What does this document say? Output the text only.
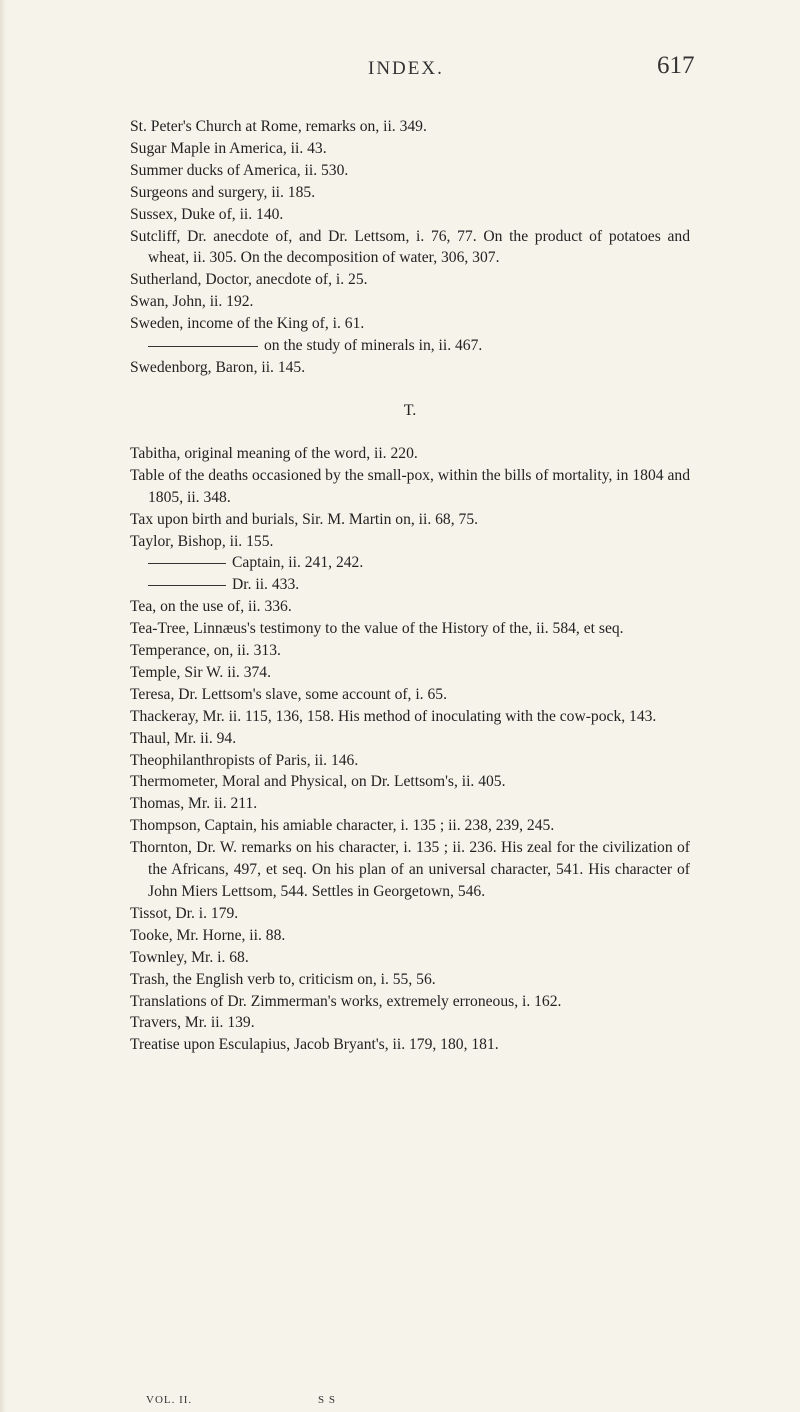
INDEX.	617
St. Peter's Church at Rome, remarks on, ii. 349.
Sugar Maple in America, ii. 43.
Summer ducks of America, ii. 530.
Surgeons and surgery, ii. 185.
Sussex, Duke of, ii. 140.
Sutcliff, Dr. anecdote of, and Dr. Lettsom, i. 76, 77. On the product of potatoes and wheat, ii. 305. On the decomposition of water, 306, 307.
Sutherland, Doctor, anecdote of, i. 25.
Swan, John, ii. 192.
Sweden, income of the King of, i. 61.
on the study of minerals in, ii. 467.
Swedenborg, Baron, ii. 145.
T.
Tabitha, original meaning of the word, ii. 220.
Table of the deaths occasioned by the small-pox, within the bills of mortality, in 1804 and 1805, ii. 348.
Tax upon birth and burials, Sir. M. Martin on, ii. 68, 75.
Taylor, Bishop, ii. 155.
Captain, ii. 241, 242.
Dr. ii. 433.
Tea, on the use of, ii. 336.
Tea-Tree, Linnæus's testimony to the value of the History of the, ii. 584, et seq.
Temperance, on, ii. 313.
Temple, Sir W. ii. 374.
Teresa, Dr. Lettsom's slave, some account of, i. 65.
Thackeray, Mr. ii. 115, 136, 158. His method of inoculating with the cow-pock, 143.
Thaul, Mr. ii. 94.
Theophilanthropists of Paris, ii. 146.
Thermometer, Moral and Physical, on Dr. Lettsom's, ii. 405.
Thomas, Mr. ii. 211.
Thompson, Captain, his amiable character, i. 135 ; ii. 238, 239, 245.
Thornton, Dr. W. remarks on his character, i. 135 ; ii. 236. His zeal for the civilization of the Africans, 497, et seq. On his plan of an universal character, 541. His character of John Miers Lettsom, 544. Settles in Georgetown, 546.
Tissot, Dr. i. 179.
Tooke, Mr. Horne, ii. 88.
Townley, Mr. i. 68.
Trash, the English verb to, criticism on, i. 55, 56.
Translations of Dr. Zimmerman's works, extremely erroneous, i. 162.
Travers, Mr. ii. 139.
Treatise upon Esculapius, Jacob Bryant's, ii. 179, 180, 181.
VOL. II.	S S
